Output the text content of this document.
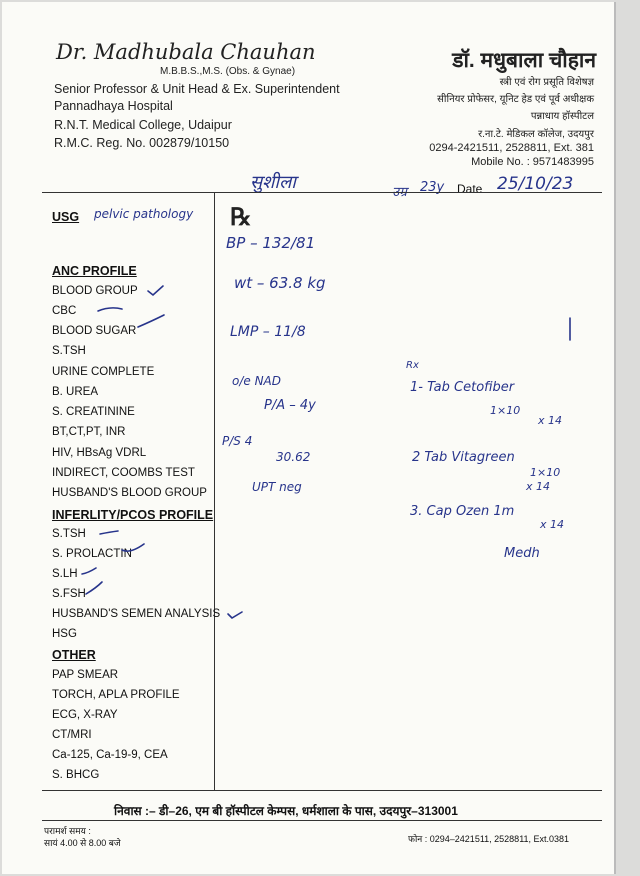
Dr. Madhubala Chauhan
M.B.B.S.,M.S. (Obs. & Gynae)
Senior Professor & Unit Head & Ex. Superintendent
Pannadhaya Hospital
R.N.T. Medical College, Udaipur
R.M.C. Reg. No. 002879/10150
डॉ. मधुबाला चौहान
स्त्री एवं रोग प्रसूति विशेषज्ञ
सीनियर प्रोफेसर, यूनिट हेड एवं पूर्व अधीक्षक
पन्नाधाय हॉस्पीटल
र.ना.टे. मेडिकल कॉलेज, उदयपुर
0294-2421511, 2528811, Ext. 381
Mobile No. : 9571483995
सुशीला	उम्र 23y Date 25/10/23
USG pelvic pathology
ANC PROFILE
BLOOD GROUP
CBC
BLOOD SUGAR
S.TSH
URINE COMPLETE
B. UREA
S. CREATININE
BT,CT,PT, INR
HIV, HBsAg VDRL
INDIRECT, COOMBS TEST
HUSBAND'S BLOOD GROUP
INFERLITY/PCOS PROFILE
S.TSH
S. PROLACTIN
S.LH
S.FSH
HUSBAND'S SEMEN ANALYSIS
HSG
OTHER
PAP SMEAR
TORCH, APLA PROFILE
ECG, X-RAY
CT/MRI
Ca-125, Ca-19-9, CEA
S. BHCG
℞
BP – 132/81
wt – 63.8 kg
LMP – 11/8
o/e NAD
P/A – 4y
P/S 4
30.62
UPT neg
Rx
1- Tab Cetofiber
1×10
x 14
2 Tab Vitagreen
1×10
x 14
3. Cap Ozen 1m
x 14
Medh
निवास :– डी–26, एम बी हॉस्पीटल केम्पस, धर्मशाला के पास, उदयपुर–313001
परामर्श समय :
सायं 4.00 से 8.00 बजे	फोन : 0294–2421511, 2528811, Ext.0381
